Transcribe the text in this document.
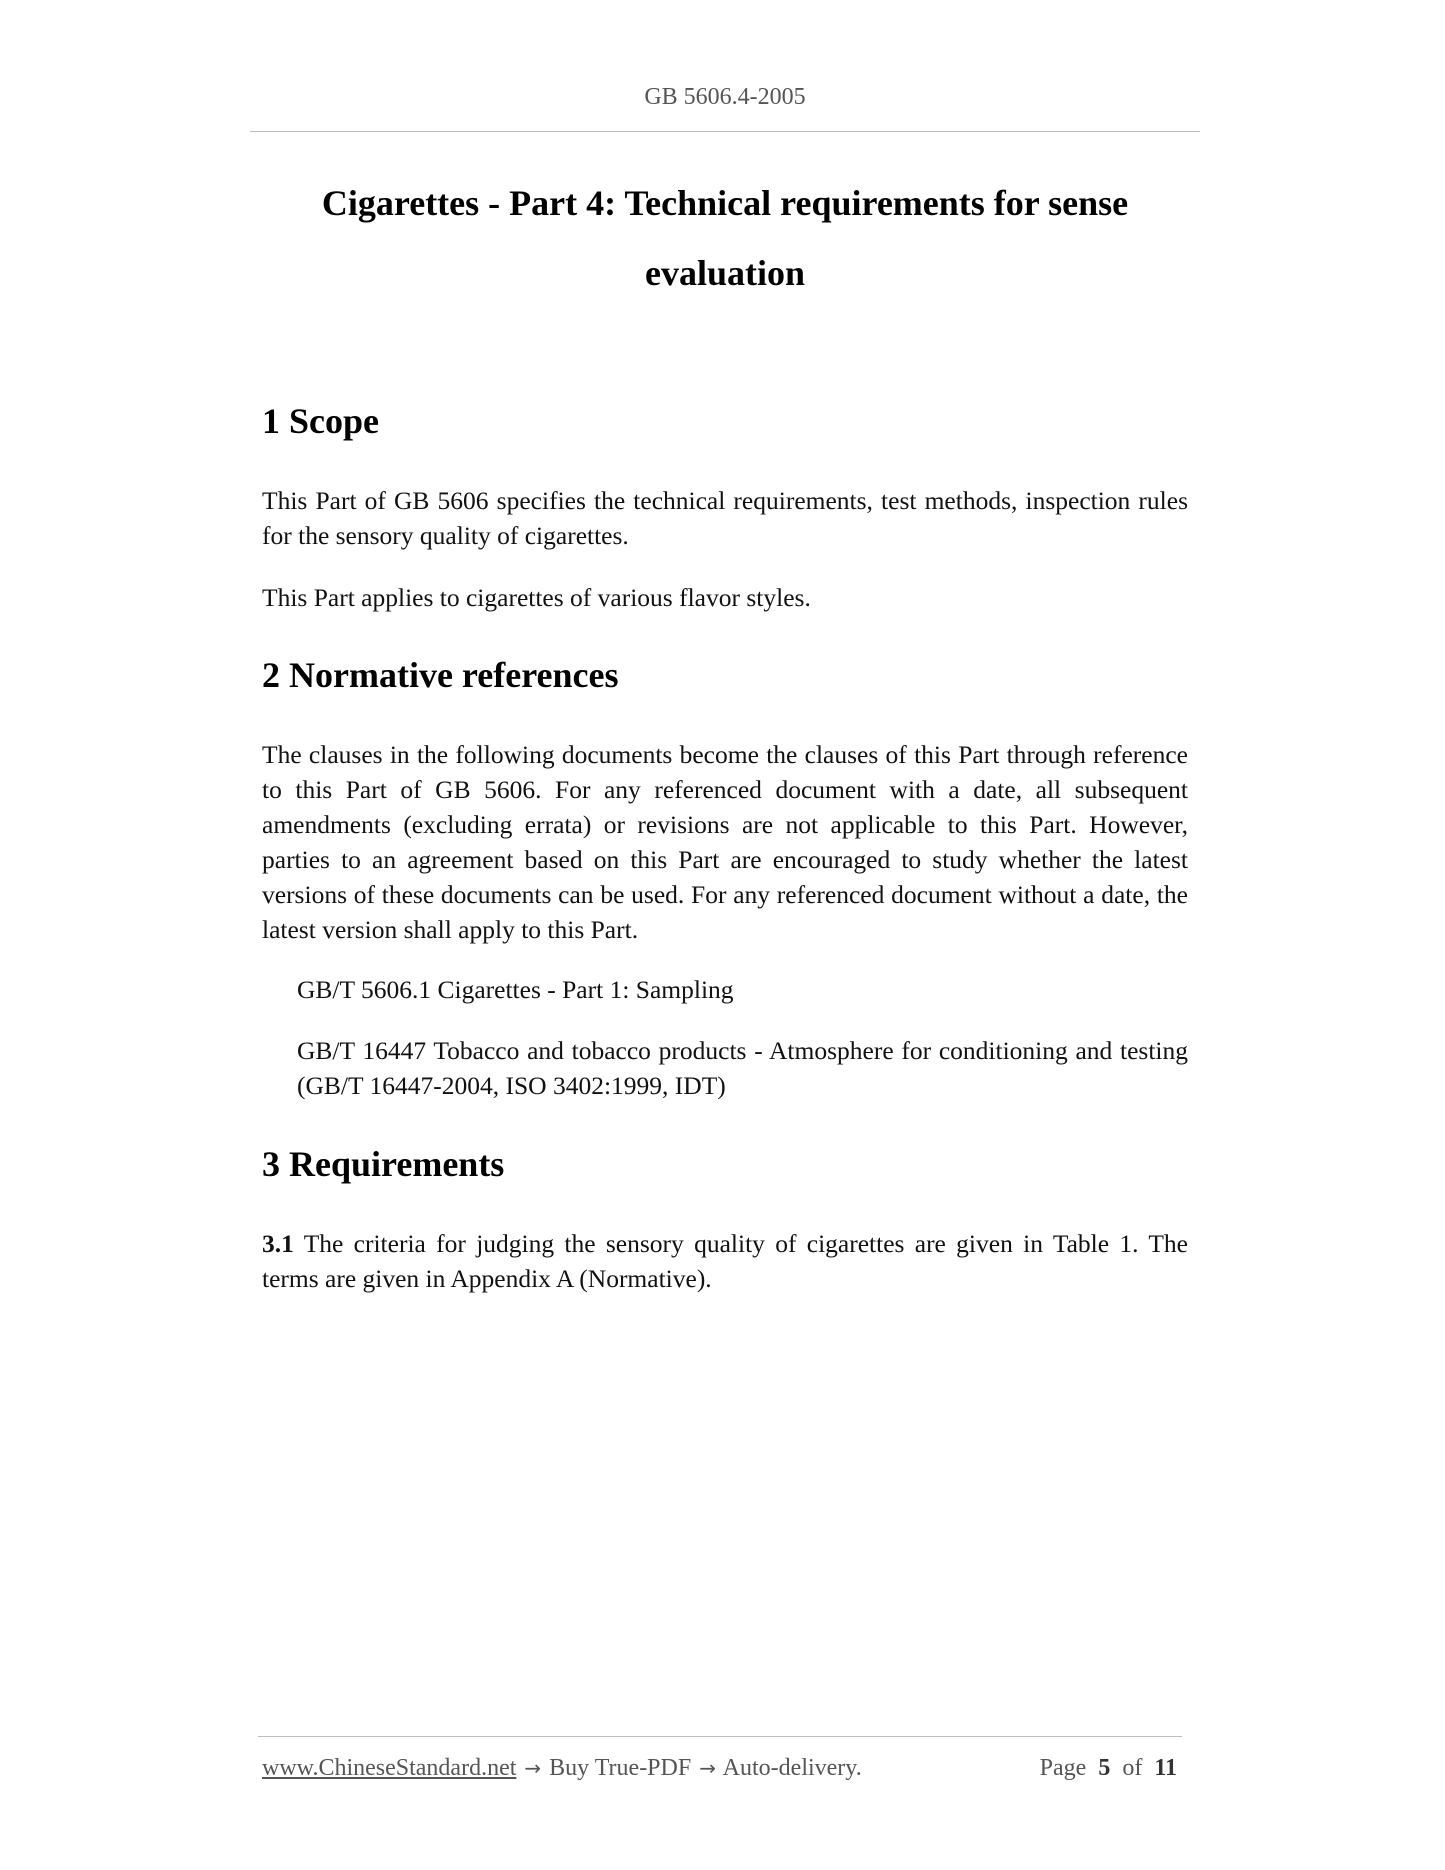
GB 5606.4-2005
Cigarettes - Part 4: Technical requirements for sense
evaluation
1 Scope

This Part of GB 5606 specifies the technical requirements, test methods, inspection rules for the sensory quality of cigarettes.

This Part applies to cigarettes of various flavor styles.

2 Normative references

The clauses in the following documents become the clauses of this Part through reference to this Part of GB 5606. For any referenced document with a date, all subsequent amendments (excluding errata) or revisions are not applicable to this Part. However, parties to an agreement based on this Part are encouraged to study whether the latest versions of these documents can be used. For any referenced document without a date, the latest version shall apply to this Part.

GB/T 5606.1 Cigarettes - Part 1: Sampling

GB/T 16447 Tobacco and tobacco products - Atmosphere for conditioning and testing (GB/T 16447-2004, ISO 3402:1999, IDT)

3 Requirements

3.1 The criteria for judging the sensory quality of cigarettes are given in Table 1. The terms are given in Appendix A (Normative).

www.ChineseStandard.net → Buy True-PDF → Auto-delivery.	Page 5 of 11
